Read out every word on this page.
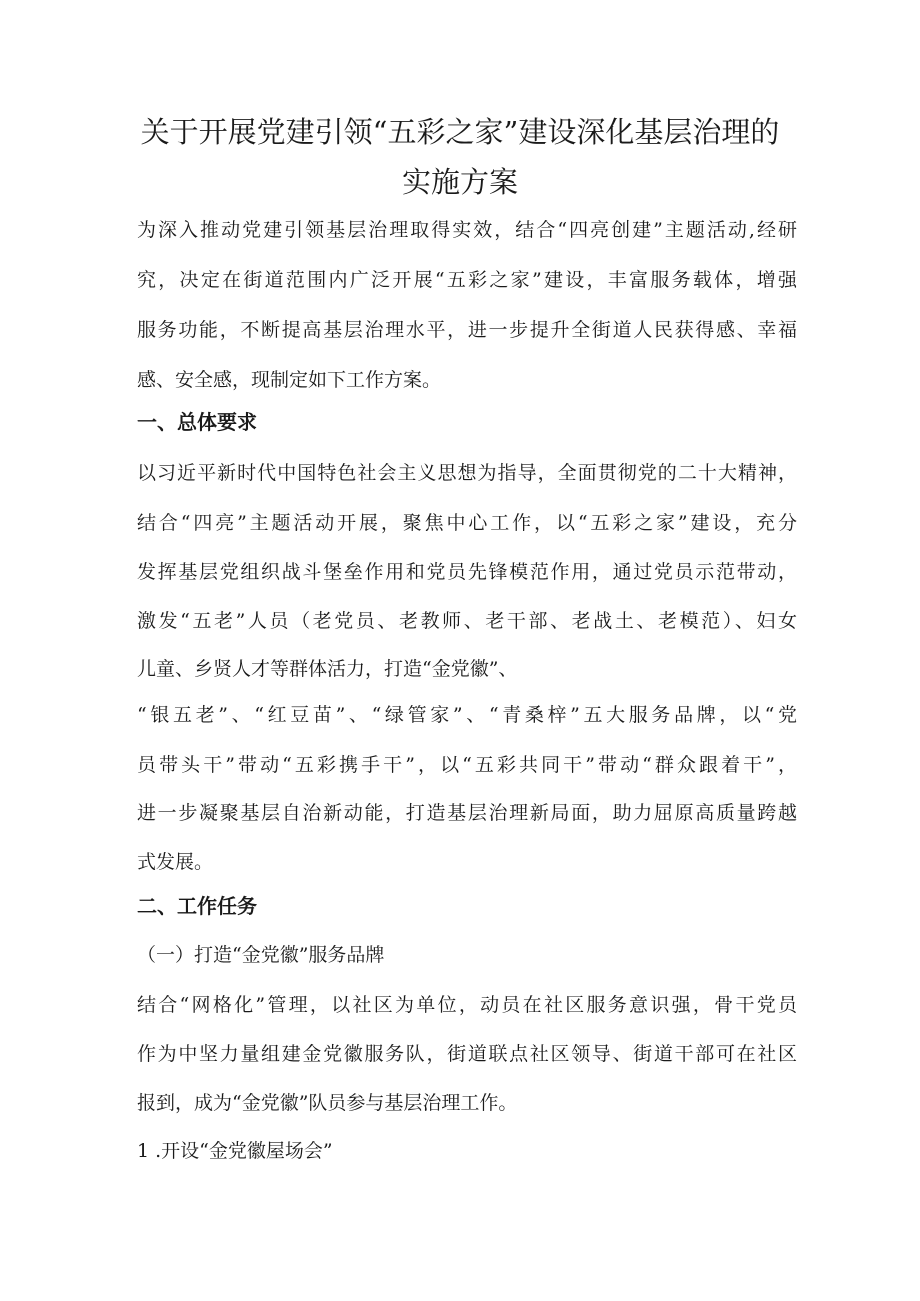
关于开展党建引领“五彩之家”建设深化基层治理的
实施方案

为深入推动党建引领基层治理取得实效，结合“四亮创建”主题活动,经研

究，决定在街道范围内广泛开展“五彩之家”建设，丰富服务载体，增强

服务功能，不断提高基层治理水平，进一步提升全街道人民获得感、幸福

感、安全感，现制定如下工作方案。

一、总体要求

以习近平新时代中国特色社会主义思想为指导，全面贯彻党的二十大精神，

结合“四亮”主题活动开展，聚焦中心工作，以“五彩之家”建设，充分

发挥基层党组织战斗堡垒作用和党员先锋模范作用，通过党员示范带动，

激发“五老”人员（老党员、老教师、老干部、老战土、老模范）、妇女

儿童、乡贤人才等群体活力，打造“金党徽”、

“银五老”、“红豆苗”、“绿管家”、“青桑梓”五大服务品牌，以“党

员带头干”带动“五彩携手干”，以“五彩共同干”带动“群众跟着干”，

进一步凝聚基层自治新动能，打造基层治理新局面，助力屈原高质量跨越

式发展。

二、工作任务

（一）打造“金党徽”服务品牌

结合“网格化”管理，以社区为单位，动员在社区服务意识强，骨干党员

作为中坚力量组建金党徽服务队，街道联点社区领导、街道干部可在社区

报到，成为“金党徽”队员参与基层治理工作。

1 .开设“金党徽屋场会”
